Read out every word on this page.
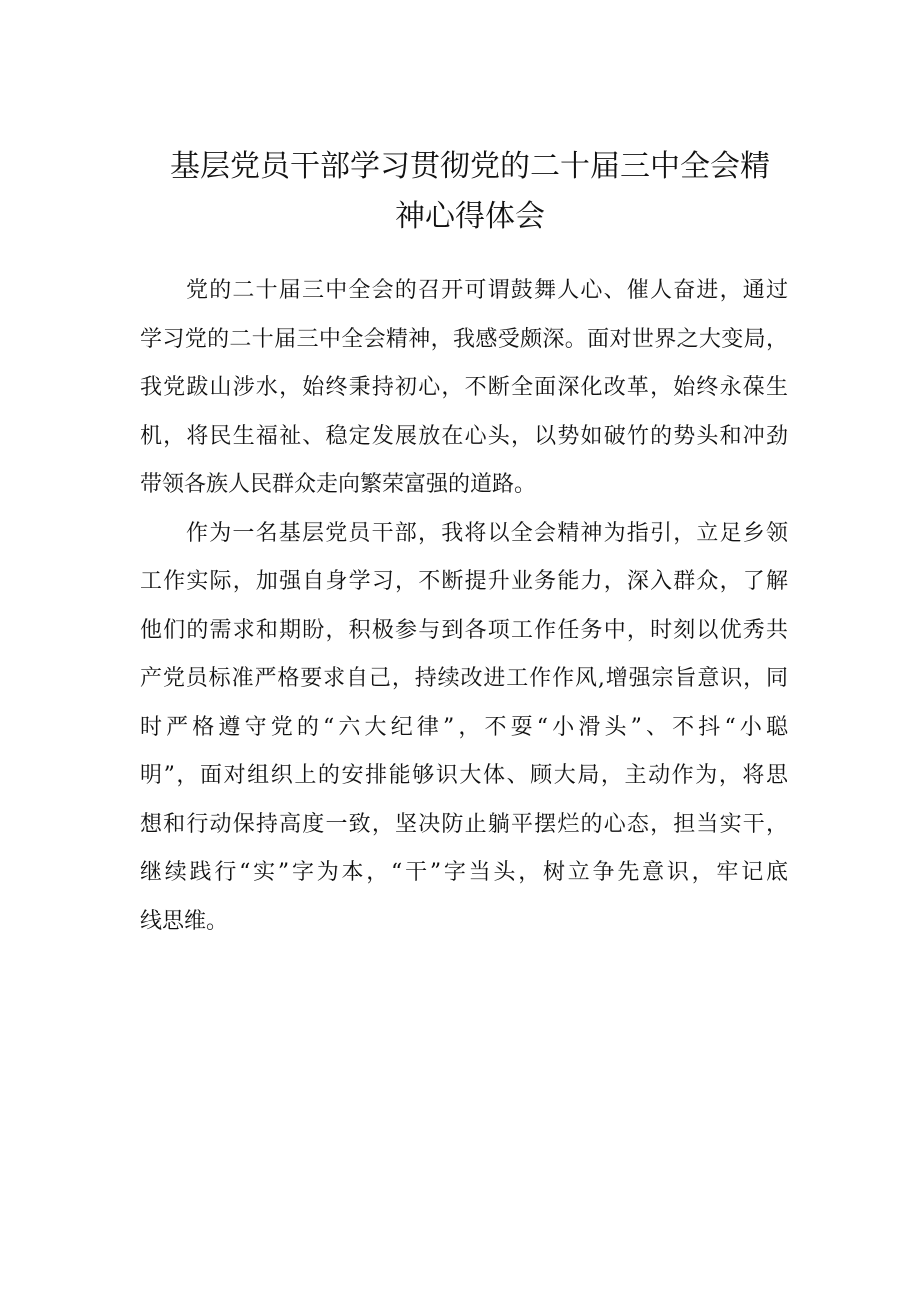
基层党员干部学习贯彻党的二十届三中全会精
神心得体会
党的二十届三中全会的召开可谓鼓舞人心、催人奋进，通过
学习党的二十届三中全会精神，我感受颇深。面对世界之大变局，
我党跋山涉水，始终秉持初心，不断全面深化改革，始终永葆生
机，将民生福祉、稳定发展放在心头，以势如破竹的势头和冲劲
带领各族人民群众走向繁荣富强的道路。
作为一名基层党员干部，我将以全会精神为指引，立足乡领
工作实际，加强自身学习，不断提升业务能力，深入群众，了解
他们的需求和期盼，积极参与到各项工作任务中，时刻以优秀共
产党员标准严格要求自己，持续改进工作作风,增强宗旨意识，同
时严格遵守党的“六大纪律”，不耍“小滑头”、不抖“小聪
明”，面对组织上的安排能够识大体、顾大局，主动作为，将思
想和行动保持高度一致，坚决防止躺平摆烂的心态，担当实干，
继续践行“实”字为本，“干”字当头，树立争先意识，牢记底
线思维。
